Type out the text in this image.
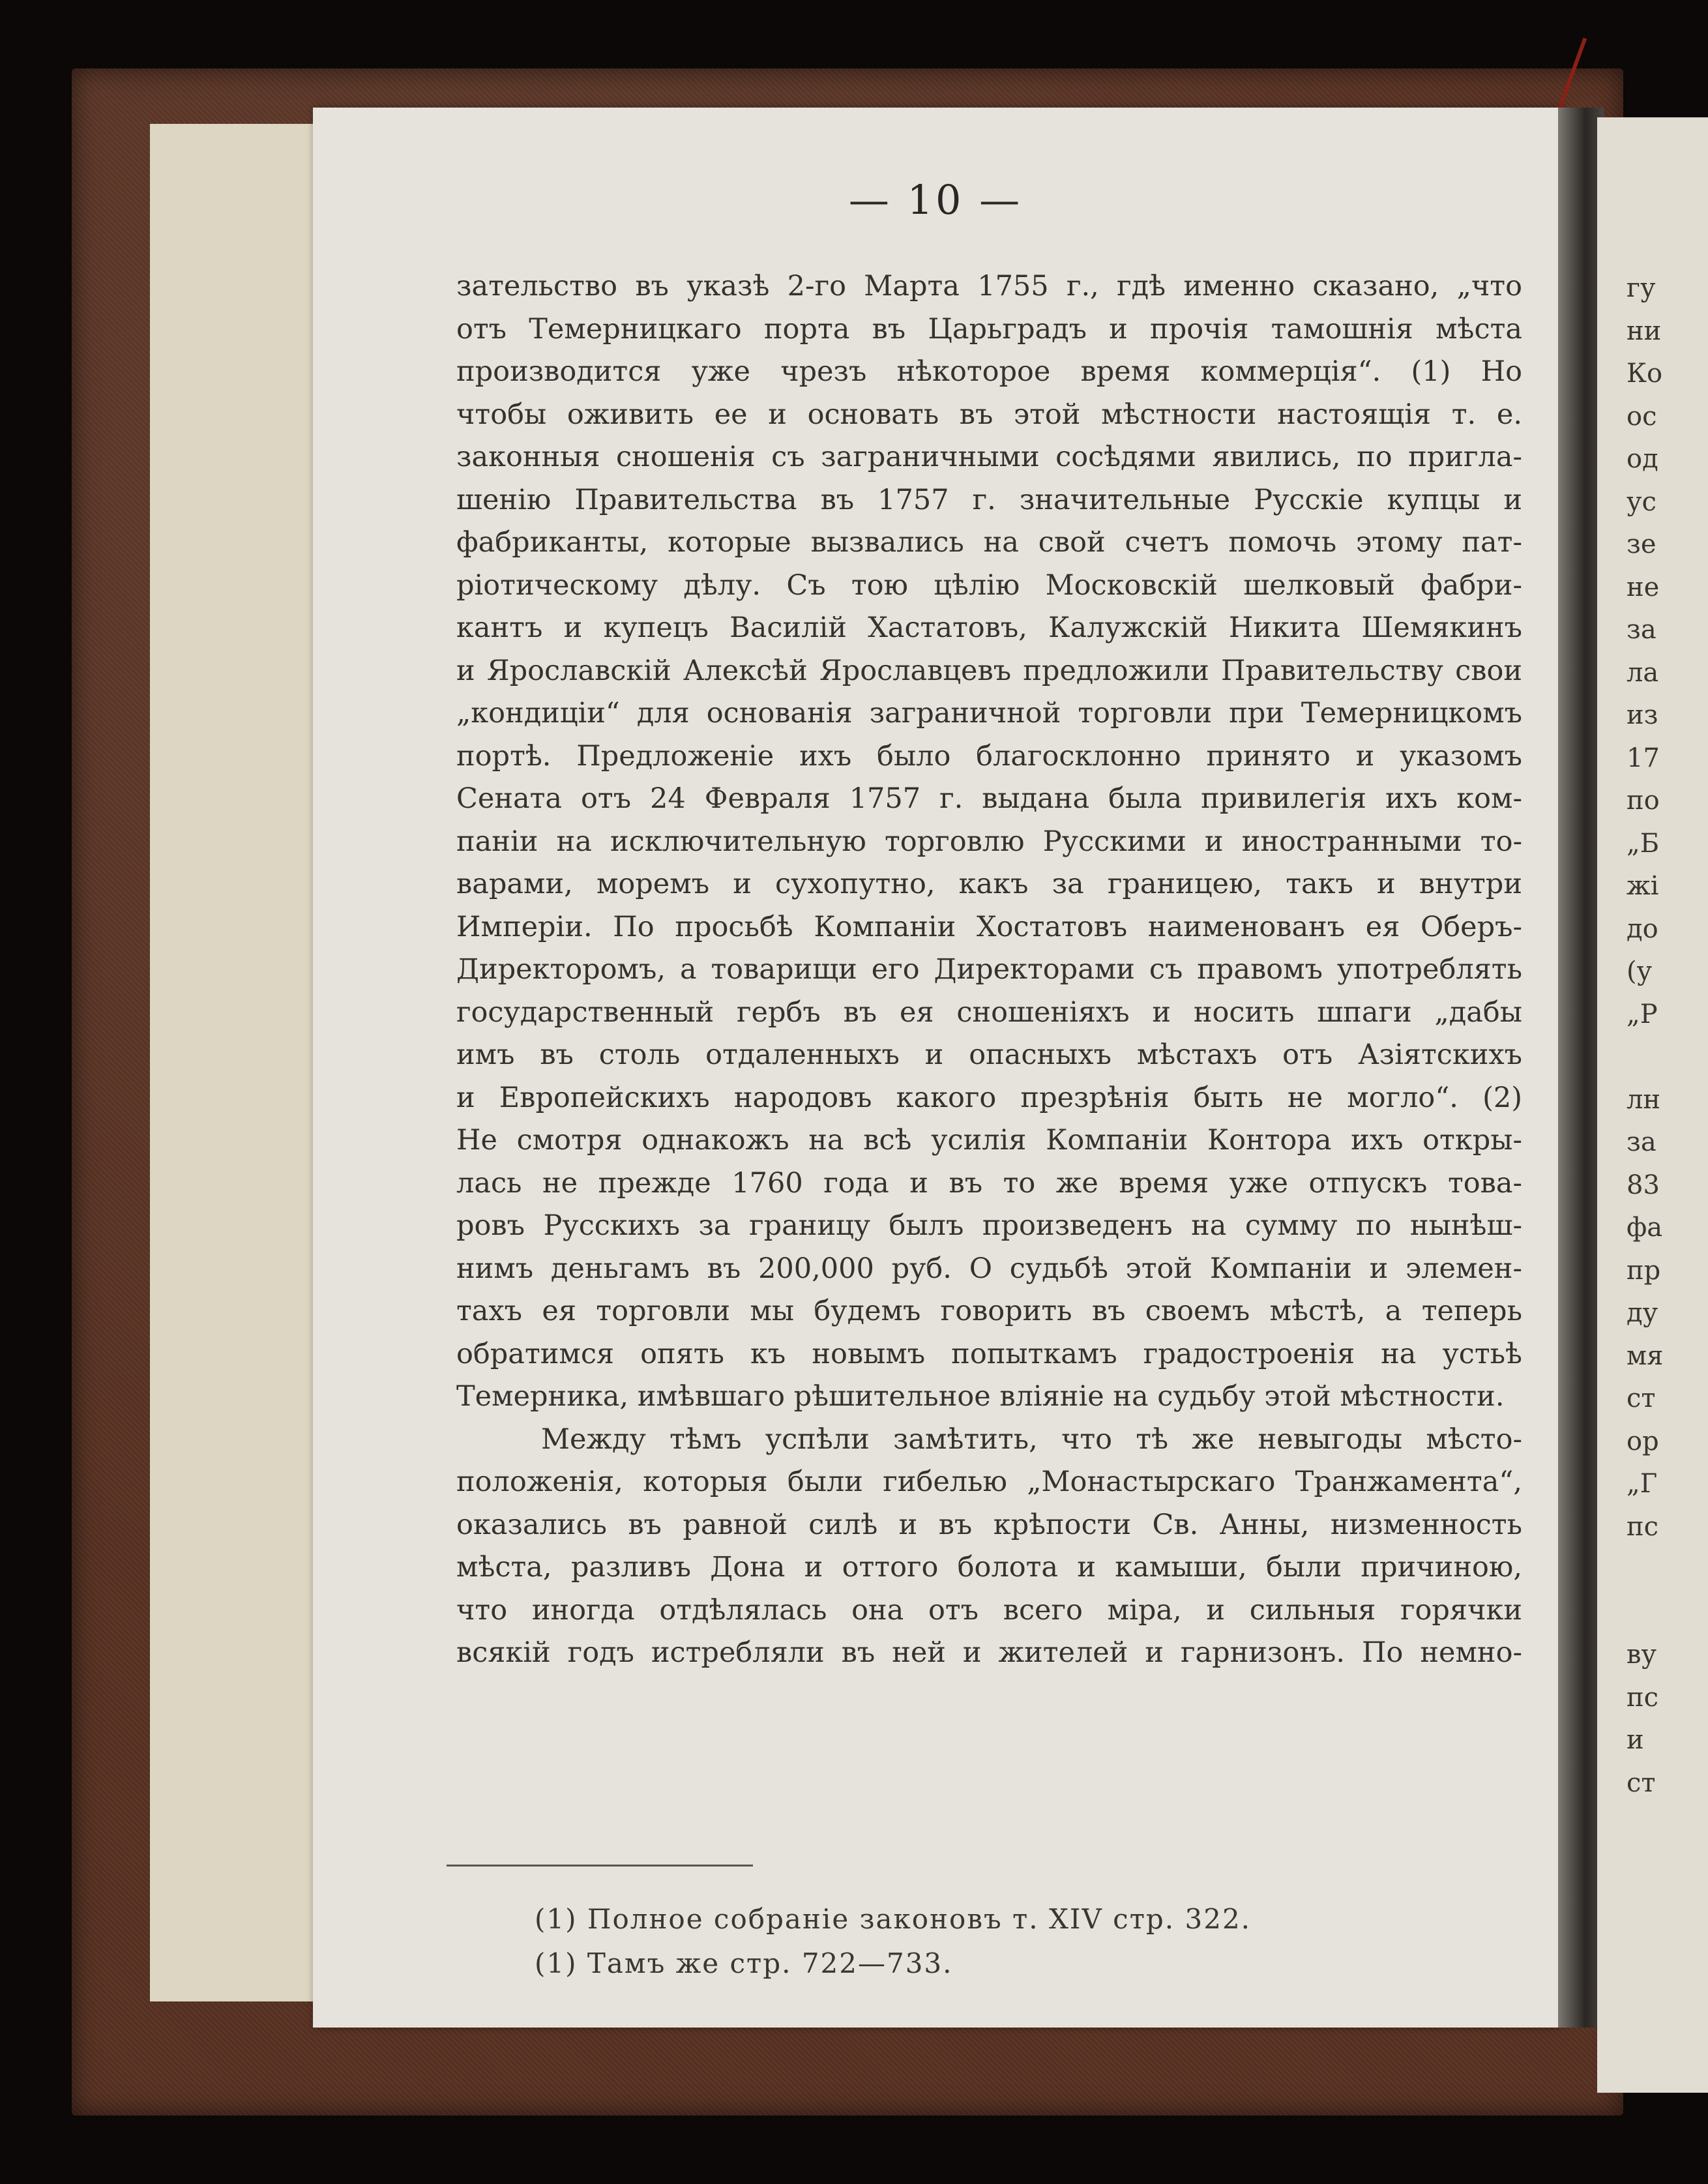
— 10 —
зательство въ указѣ 2-го Марта 1755 г., гдѣ именно сказано, „что
отъ Темерницкаго порта въ Царьградъ и прочія тамошнія мѣста
производится уже чрезъ нѣкоторое время коммерція“. (1) Но
чтобы оживить ее и основать въ этой мѣстности настоящія т. е.
законныя сношенія съ заграничными сосѣдями явились, по пригла-
шенію Правительства въ 1757 г. значительные Русскіе купцы и
фабриканты, которые вызвались на свой счетъ помочь этому пат-
ріотическому дѣлу. Съ тою цѣлію Московскій шелковый фабри-
кантъ и купецъ Василій Хастатовъ, Калужскій Никита Шемякинъ
и Ярославскій Алексѣй Ярославцевъ предложили Правительству свои
„кондиціи“ для основанія заграничной торговли при Темерницкомъ
портѣ. Предложеніе ихъ было благосклонно принято и указомъ
Сената отъ 24 Февраля 1757 г. выдана была привилегія ихъ ком-
паніи на исключительную торговлю Русскими и иностранными то-
варами, моремъ и сухопутно, какъ за границею, такъ и внутри
Имперіи. По просьбѣ Компаніи Хостатовъ наименованъ ея Оберъ-
Директоромъ, а товарищи его Директорами съ правомъ употреблять
государственный гербъ въ ея сношеніяхъ и носить шпаги „дабы
имъ въ столь отдаленныхъ и опасныхъ мѣстахъ отъ Азіятскихъ
и Европейскихъ народовъ какого презрѣнія быть не могло“. (2)
Не смотря однакожъ на всѣ усилія Компаніи Контора ихъ откры-
лась не прежде 1760 года и въ то же время уже отпускъ това-
ровъ Русскихъ за границу былъ произведенъ на сумму по нынѣш-
нимъ деньгамъ въ 200,000 руб. О судьбѣ этой Компаніи и элемен-
тахъ ея торговли мы будемъ говорить въ своемъ мѣстѣ, а теперь
обратимся опять къ новымъ попыткамъ градостроенія на устьѣ
Темерника, имѣвшаго рѣшительное вліяніе на судьбу этой мѣстности.
Между тѣмъ успѣли замѣтить, что тѣ же невыгоды мѣсто-
положенія, которыя были гибелью „Монастырскаго Транжамента“,
оказались въ равной силѣ и въ крѣпости Св. Анны, низменность
мѣста, разливъ Дона и оттого болота и камыши, были причиною,
что иногда отдѣлялась она отъ всего міра, и сильныя горячки
всякій годъ истребляли въ ней и жителей и гарнизонъ. По немно-
(1) Полное собраніе законовъ т. XIV стр. 322.
(1) Тамъ же стр. 722—733.
гу
ни
Ко
ос
од
ус
зе
не
за
ла
из
17
по
„Б
жі
до
(у
„Р
лн
за
83
фа
пр
ду
мя
ст
ор
„Г
пс
ву
пс
и
ст
